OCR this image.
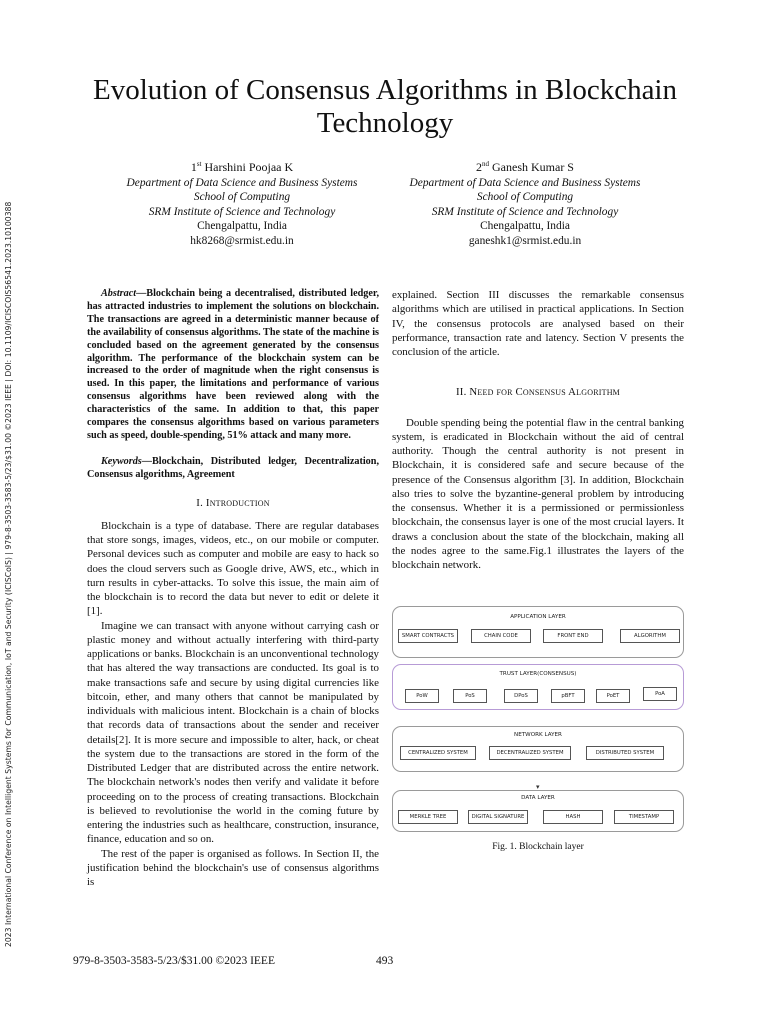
2023 International Conference on Intelligent Systems for Communication, IoT and Security (ICISCoIS) | 979-8-3503-3583-5/23/$31.00 ©2023 IEEE | DOI: 10.1109/ICISCOIS56541.2023.10100388
Evolution of Consensus Algorithms in Blockchain Technology
1st Harshini Poojaa K
Department of Data Science and Business Systems
School of Computing
SRM Institute of Science and Technology
Chengalpattu, India
hk8268@srmist.edu.in
2nd Ganesh Kumar S
Department of Data Science and Business Systems
School of Computing
SRM Institute of Science and Technology
Chengalpattu, India
ganeshk1@srmist.edu.in

Abstract—Blockchain being a decentralised, distributed ledger, has attracted industries to implement the solutions on blockchain. The transactions are agreed in a deterministic manner because of the availability of consensus algorithms. The state of the machine is concluded based on the agreement generated by the consensus algorithm. The performance of the blockchain system can be increased to the order of magnitude when the right consensus is used. In this paper, the limitations and performance of various consensus algorithms have been reviewed along with the characteristics of the same. In addition to that, this paper compares the consensus algorithms based on various parameters such as speed, double-spending, 51% attack and many more.

Keywords—Blockchain, Distributed ledger, Decentralization, Consensus algorithms, Agreement

I. Introduction

Blockchain is a type of database. There are regular databases that store songs, images, videos, etc., on our mobile or computer. Personal devices such as computer and mobile are easy to hack so does the cloud servers such as Google drive, AWS, etc., which in turn results in cyber-attacks. To solve this issue, the main aim of the blockchain is to record the data but never to edit or delete it [1].

Imagine we can transact with anyone without carrying cash or plastic money and without actually interfering with third-party applications or banks. Blockchain is an unconventional technology that has altered the way transactions are conducted. Its goal is to make transactions safe and secure by using digital currencies like bitcoin, ether, and many others that cannot be manipulated by individuals with malicious intent. Blockchain is a chain of blocks that records data of transactions about the sender and receiver details[2]. It is more secure and impossible to alter, hack, or cheat the system due to the transactions are stored in the form of the Distributed Ledger that are distributed across the entire network. The blockchain network's nodes then verify and validate it before proceeding on to the process of creating transactions. Blockchain is believed to revolutionise the world in the coming future by entering the industries such as healthcare, construction, insurance, finance, education and so on.

The rest of the paper is organised as follows. In Section II, the justification behind the blockchain's use of consensus algorithms is

explained. Section III discusses the remarkable consensus algorithms which are utilised in practical applications. In Section IV, the consensus protocols are analysed based on their performance, transaction rate and latency. Section V presents the conclusion of the article.

II. Need for Consensus Algorithm

Double spending being the potential flaw in the central banking system, is eradicated in Blockchain without the aid of central authority. Though the central authority is not present in Blockchain, it is considered safe and secure because of the presence of the Consensus algorithm [3]. In addition, Blockchain also tries to solve the byzantine-general problem by introducing the consensus. Whether it is a permissioned or permissionless blockchain, the consensus layer is one of the most crucial layers. It draws a conclusion about the state of the blockchain, making all the nodes agree to the same.Fig.1 illustrates the layers of the blockchain network.

APPLICATION LAYER
SMART CONTRACTS	CHAIN CODE	FRONT END	ALGORITHM
TRUST LAYER(CONSENSUS)
PoW	PoS	DPoS	pBFT	PoET	PoA
NETWORK LAYER
CENTRALIZED SYSTEM	DECENTRALIZED SYSTEM	DISTRIBUTED SYSTEM
▾
DATA LAYER
MERKLE TREE	DIGITAL SIGNATURE	HASH	TIMESTAMP
Fig. 1. Blockchain layer
979-8-3503-3583-5/23/$31.00 ©2023 IEEE	493
